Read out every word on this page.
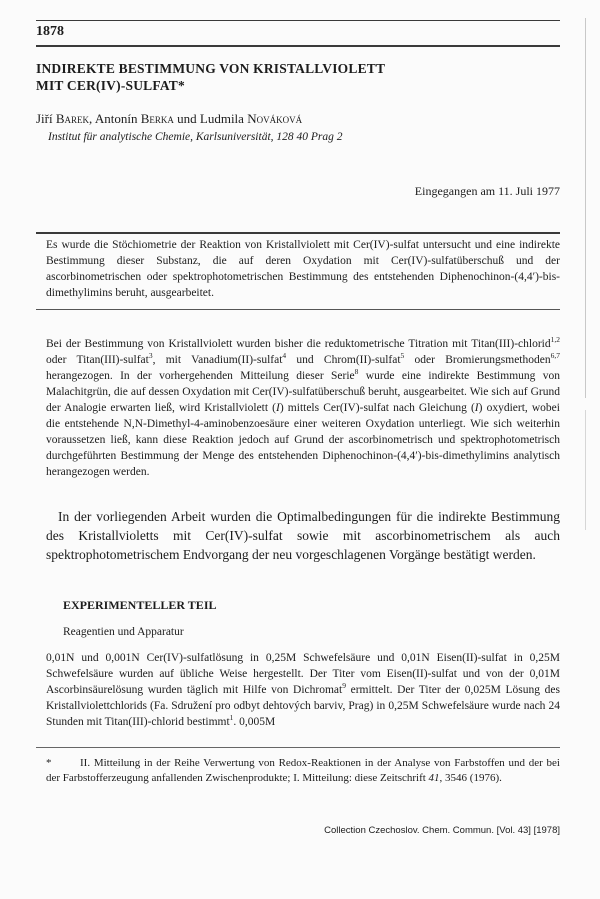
1878
INDIREKTE BESTIMMUNG VON KRISTALLVIOLETT
MIT CER(IV)-SULFAT*
Jiří Barek, Antonín Berka und Ludmila Nováková
Institut für analytische Chemie, Karlsuniversität, 128 40 Prag 2
Eingegangen am 11. Juli 1977
Es wurde die Stöchiometrie der Reaktion von Kristallviolett mit Cer(IV)-sulfat untersucht und eine indirekte Bestimmung dieser Substanz, die auf deren Oxydation mit Cer(IV)-sulfatüberschuß und der ascorbinometrischen oder spektrophotometrischen Bestimmung des entstehenden Diphenochinon-(4,4′)-bis-dimethylimins beruht, ausgearbeitet.
Bei der Bestimmung von Kristallviolett wurden bisher die reduktometrische Titration mit Titan(III)-chlorid$^{1,2}$ oder Titan(III)-sulfat$^3$, mit Vanadium(II)-sulfat$^4$ und Chrom(II)-sulfat$^5$ oder Bromierungsmethoden$^{6,7}$ herangezogen. In der vorhergehenden Mitteilung dieser Serie$^8$ wurde eine indirekte Bestimmung von Malachitgrün, die auf dessen Oxydation mit Cer(IV)-sulfatüberschuß beruht, ausgearbeitet. Wie sich auf Grund der Analogie erwarten ließ, wird Kristallviolett (I) mittels Cer(IV)-sulfat nach Gleichung (I) oxydiert, wobei die entstehende N,N-Dimethyl-4-aminobenzoesäure einer weiteren Oxydation unterliegt. Wie sich weiterhin voraussetzen ließ, kann diese Reaktion jedoch auf Grund der ascorbinometrisch und spektrophotometrisch durchgeführten Bestimmung der Menge des entstehenden Diphenochinon-(4,4′)-bis-dimethylimins analytisch herangezogen werden.
In der vorliegenden Arbeit wurden die Optimalbedingungen für die indirekte Bestimmung des Kristallvioletts mit Cer(IV)-sulfat sowie mit ascorbinometrischem als auch spektrophotometrischem Endvorgang der neu vorgeschlagenen Vorgänge bestätigt werden.
EXPERIMENTELLER TEIL
Reagentien und Apparatur
0,01N und 0,001N Cer(IV)-sulfatlösung in 0,25M Schwefelsäure und 0,01N Eisen(II)-sulfat in 0,25M Schwefelsäure wurden auf übliche Weise hergestellt. Der Titer vom Eisen(II)-sulfat und von der 0,01M Ascorbinsäurelösung wurden täglich mit Hilfe von Dichromat$^9$ ermittelt. Der Titer der 0,025M Lösung des Kristallviolettchlorids (Fa. Sdružení pro odbyt dehtových barviv, Prag) in 0,25M Schwefelsäure wurde nach 24 Stunden mit Titan(III)-chlorid bestimmt$^1$. 0,005M
*	II. Mitteilung in der Reihe Verwertung von Redox-Reaktionen in der Analyse von Farbstoffen und der bei der Farbstofferzeugung anfallenden Zwischenprodukte; I. Mitteilung: diese Zeitschrift 41, 3546 (1976).
Collection Czechoslov. Chem. Commun. [Vol. 43] [1978]
